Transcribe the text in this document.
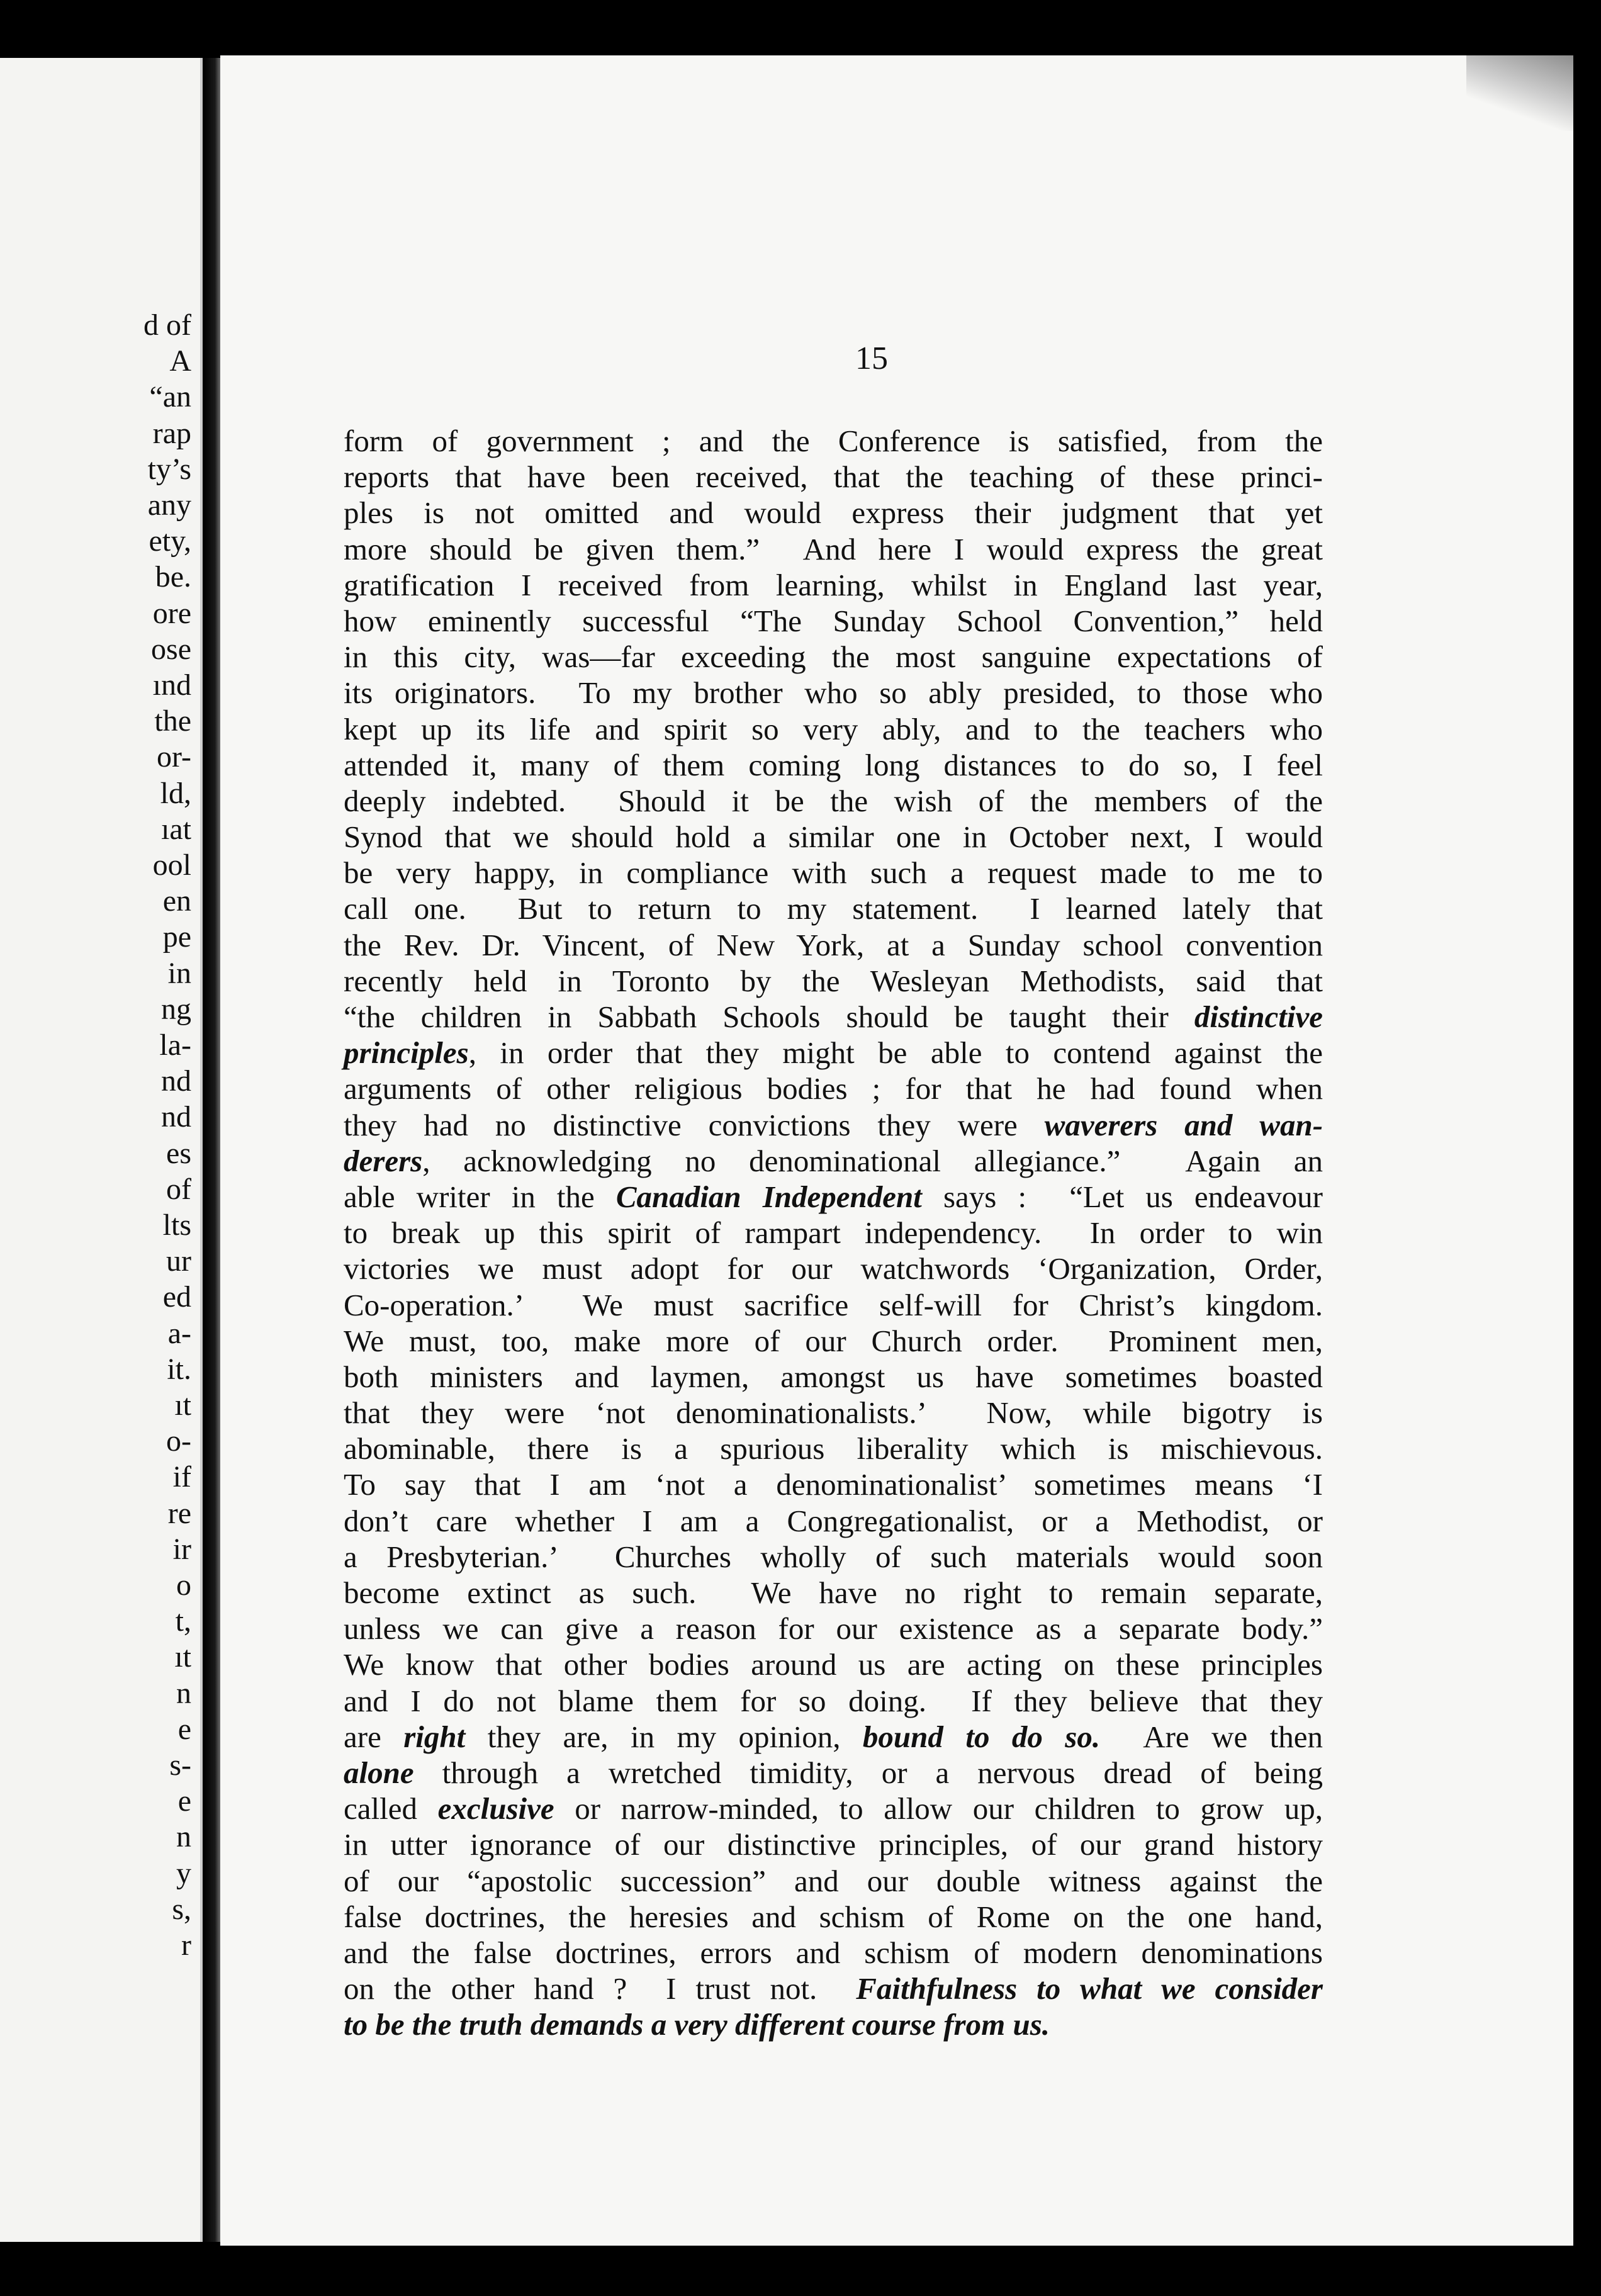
d of
A
“an
rap
ty’s
any
ety,
be.
ore
ose
ınd
the
or-
ld,
ıat
ool
en
pe
in
ng
la-
nd
nd
es
of
lts
ur
ed
a-
it.
ıt
o-
if
re
ir
o
t,
ıt
n
e
s-
e
n
y
s,
r
15
form of government ; and the Conference is satisfied, from the
reports that have been received, that the teaching of these princi-
ples is not omitted and would express their judgment that yet
more should be given them.”  And here I would express the great
gratification I received from learning, whilst in England last year,
how eminently successful “The Sunday School Convention,” held
in this city, was—far exceeding the most sanguine expectations of
its originators.  To my brother who so ably presided, to those who
kept up its life and spirit so very ably, and to the teachers who
attended it, many of them coming long distances to do so, I feel
deeply indebted.  Should it be the wish of the members of the
Synod that we should hold a similar one in October next, I would
be very happy, in compliance with such a request made to me to
call one.  But to return to my statement.  I learned lately that
the Rev. Dr. Vincent, of New York, at a Sunday school convention
recently held in Toronto by the Wesleyan Methodists, said that
“the children in Sabbath Schools should be taught their distinctive
principles, in order that they might be able to contend against the
arguments of other religious bodies ; for that he had found when
they had no distinctive convictions they were waverers and wan-
derers, acknowledging no denominational allegiance.”  Again an
able writer in the Canadian Independent says :  “Let us endeavour
to break up this spirit of rampart independency.  In order to win
victories we must adopt for our watchwords ‘Organization, Order,
Co-operation.’  We must sacrifice self-will for Christ’s kingdom.
We must, too, make more of our Church order.  Prominent men,
both ministers and laymen, amongst us have sometimes boasted
that they were ‘not denominationalists.’  Now, while bigotry is
abominable, there is a spurious liberality which is mischievous.
To say that I am ‘not a denominationalist’ sometimes means ‘I
don’t care whether I am a Congregationalist, or a Methodist, or
a Presbyterian.’  Churches wholly of such materials would soon
become extinct as such.  We have no right to remain separate,
unless we can give a reason for our existence as a separate body.”
We know that other bodies around us are acting on these principles
and I do not blame them for so doing.  If they believe that they
are right they are, in my opinion, bound to do so.  Are we then
alone through a wretched timidity, or a nervous dread of being
called exclusive or narrow-minded, to allow our children to grow up,
in utter ignorance of our distinctive principles, of our grand history
of our “apostolic succession” and our double witness against the
false doctrines, the heresies and schism of Rome on the one hand,
and the false doctrines, errors and schism of modern denominations
on the other hand ?  I trust not.  Faithfulness to what we consider
to be the truth demands a very different course from us.
